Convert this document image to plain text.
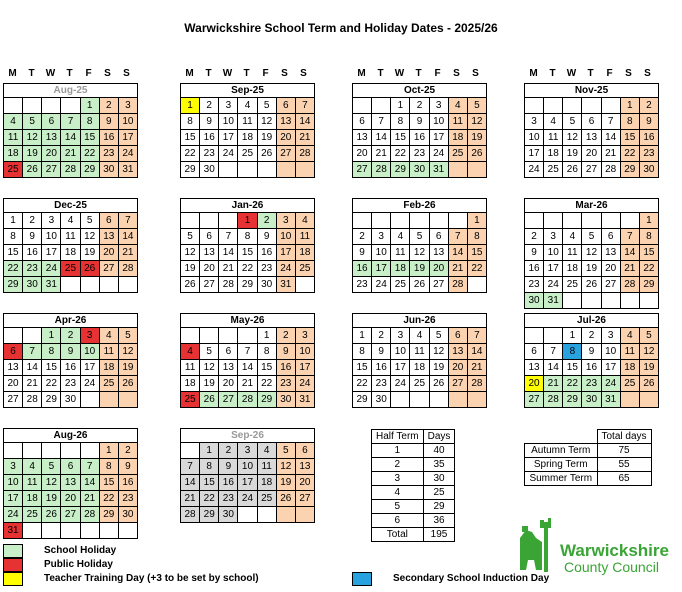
Warwickshire School Term and Holiday Dates - 2025/26
M	T	W	T	F	S	S	M	T	W	T	F	S	S	M	T	W	T	F	S	S	M	T	W	T	F	S	S
Aug-25
				1	2	3
4	5	6	7	8	9	10
11	12	13	14	15	16	17
18	19	20	21	22	23	24
25	26	27	28	29	30	31
Sep-25
1	2	3	4	5	6	7
8	9	10	11	12	13	14
15	16	17	18	19	20	21
22	23	24	25	26	27	28
29	30					
Oct-25
		1	2	3	4	5
6	7	8	9	10	11	12
13	14	15	16	17	18	19
20	21	22	23	24	25	26
27	28	29	30	31		
Nov-25
					1	2
3	4	5	6	7	8	9
10	11	12	13	14	15	16
17	18	19	20	21	22	23
24	25	26	27	28	29	30
Dec-25
1	2	3	4	5	6	7
8	9	10	11	12	13	14
15	16	17	18	19	20	21
22	23	24	25	26	27	28
29	30	31				
Jan-26
			1	2	3	4
5	6	7	8	9	10	11
12	13	14	15	16	17	18
19	20	21	22	23	24	25
26	27	28	29	30	31	
Feb-26
						1
2	3	4	5	6	7	8
9	10	11	12	13	14	15
16	17	18	19	20	21	22
23	24	25	26	27	28	
Mar-26
						1
2	3	4	5	6	7	8
9	10	11	12	13	14	15
16	17	18	19	20	21	22
23	24	25	26	27	28	29
30	31					
Apr-26
		1	2	3	4	5
6	7	8	9	10	11	12
13	14	15	16	17	18	19
20	21	22	23	24	25	26
27	28	29	30			
May-26
				1	2	3
4	5	6	7	8	9	10
11	12	13	14	15	16	17
18	19	20	21	22	23	24
25	26	27	28	29	30	31
Jun-26
1	2	3	4	5	6	7
8	9	10	11	12	13	14
15	16	17	18	19	20	21
22	23	24	25	26	27	28
29	30					
Jul-26
		1	2	3	4	5
6	7	8	9	10	11	12
13	14	15	16	17	18	19
20	21	22	23	24	25	26
27	28	29	30	31		
Aug-26
					1	2
3	4	5	6	7	8	9
10	11	12	13	14	15	16
17	18	19	20	21	22	23
24	25	26	27	28	29	30
31						
Sep-26
	1	2	3	4	5	6
7	8	9	10	11	12	13
14	15	16	17	18	19	20
21	22	23	24	25	26	27
28	29	30				
Half Term	Days
1	40
2	35
3	30
4	25
5	29
6	36
Total	195
	Total days
Autumn Term	75
Spring Term	55
Summer Term	65
School Holiday
Public Holiday
Teacher Training Day (+3 to be set by school)	Secondary School Induction Day
Warwickshire
County Council
